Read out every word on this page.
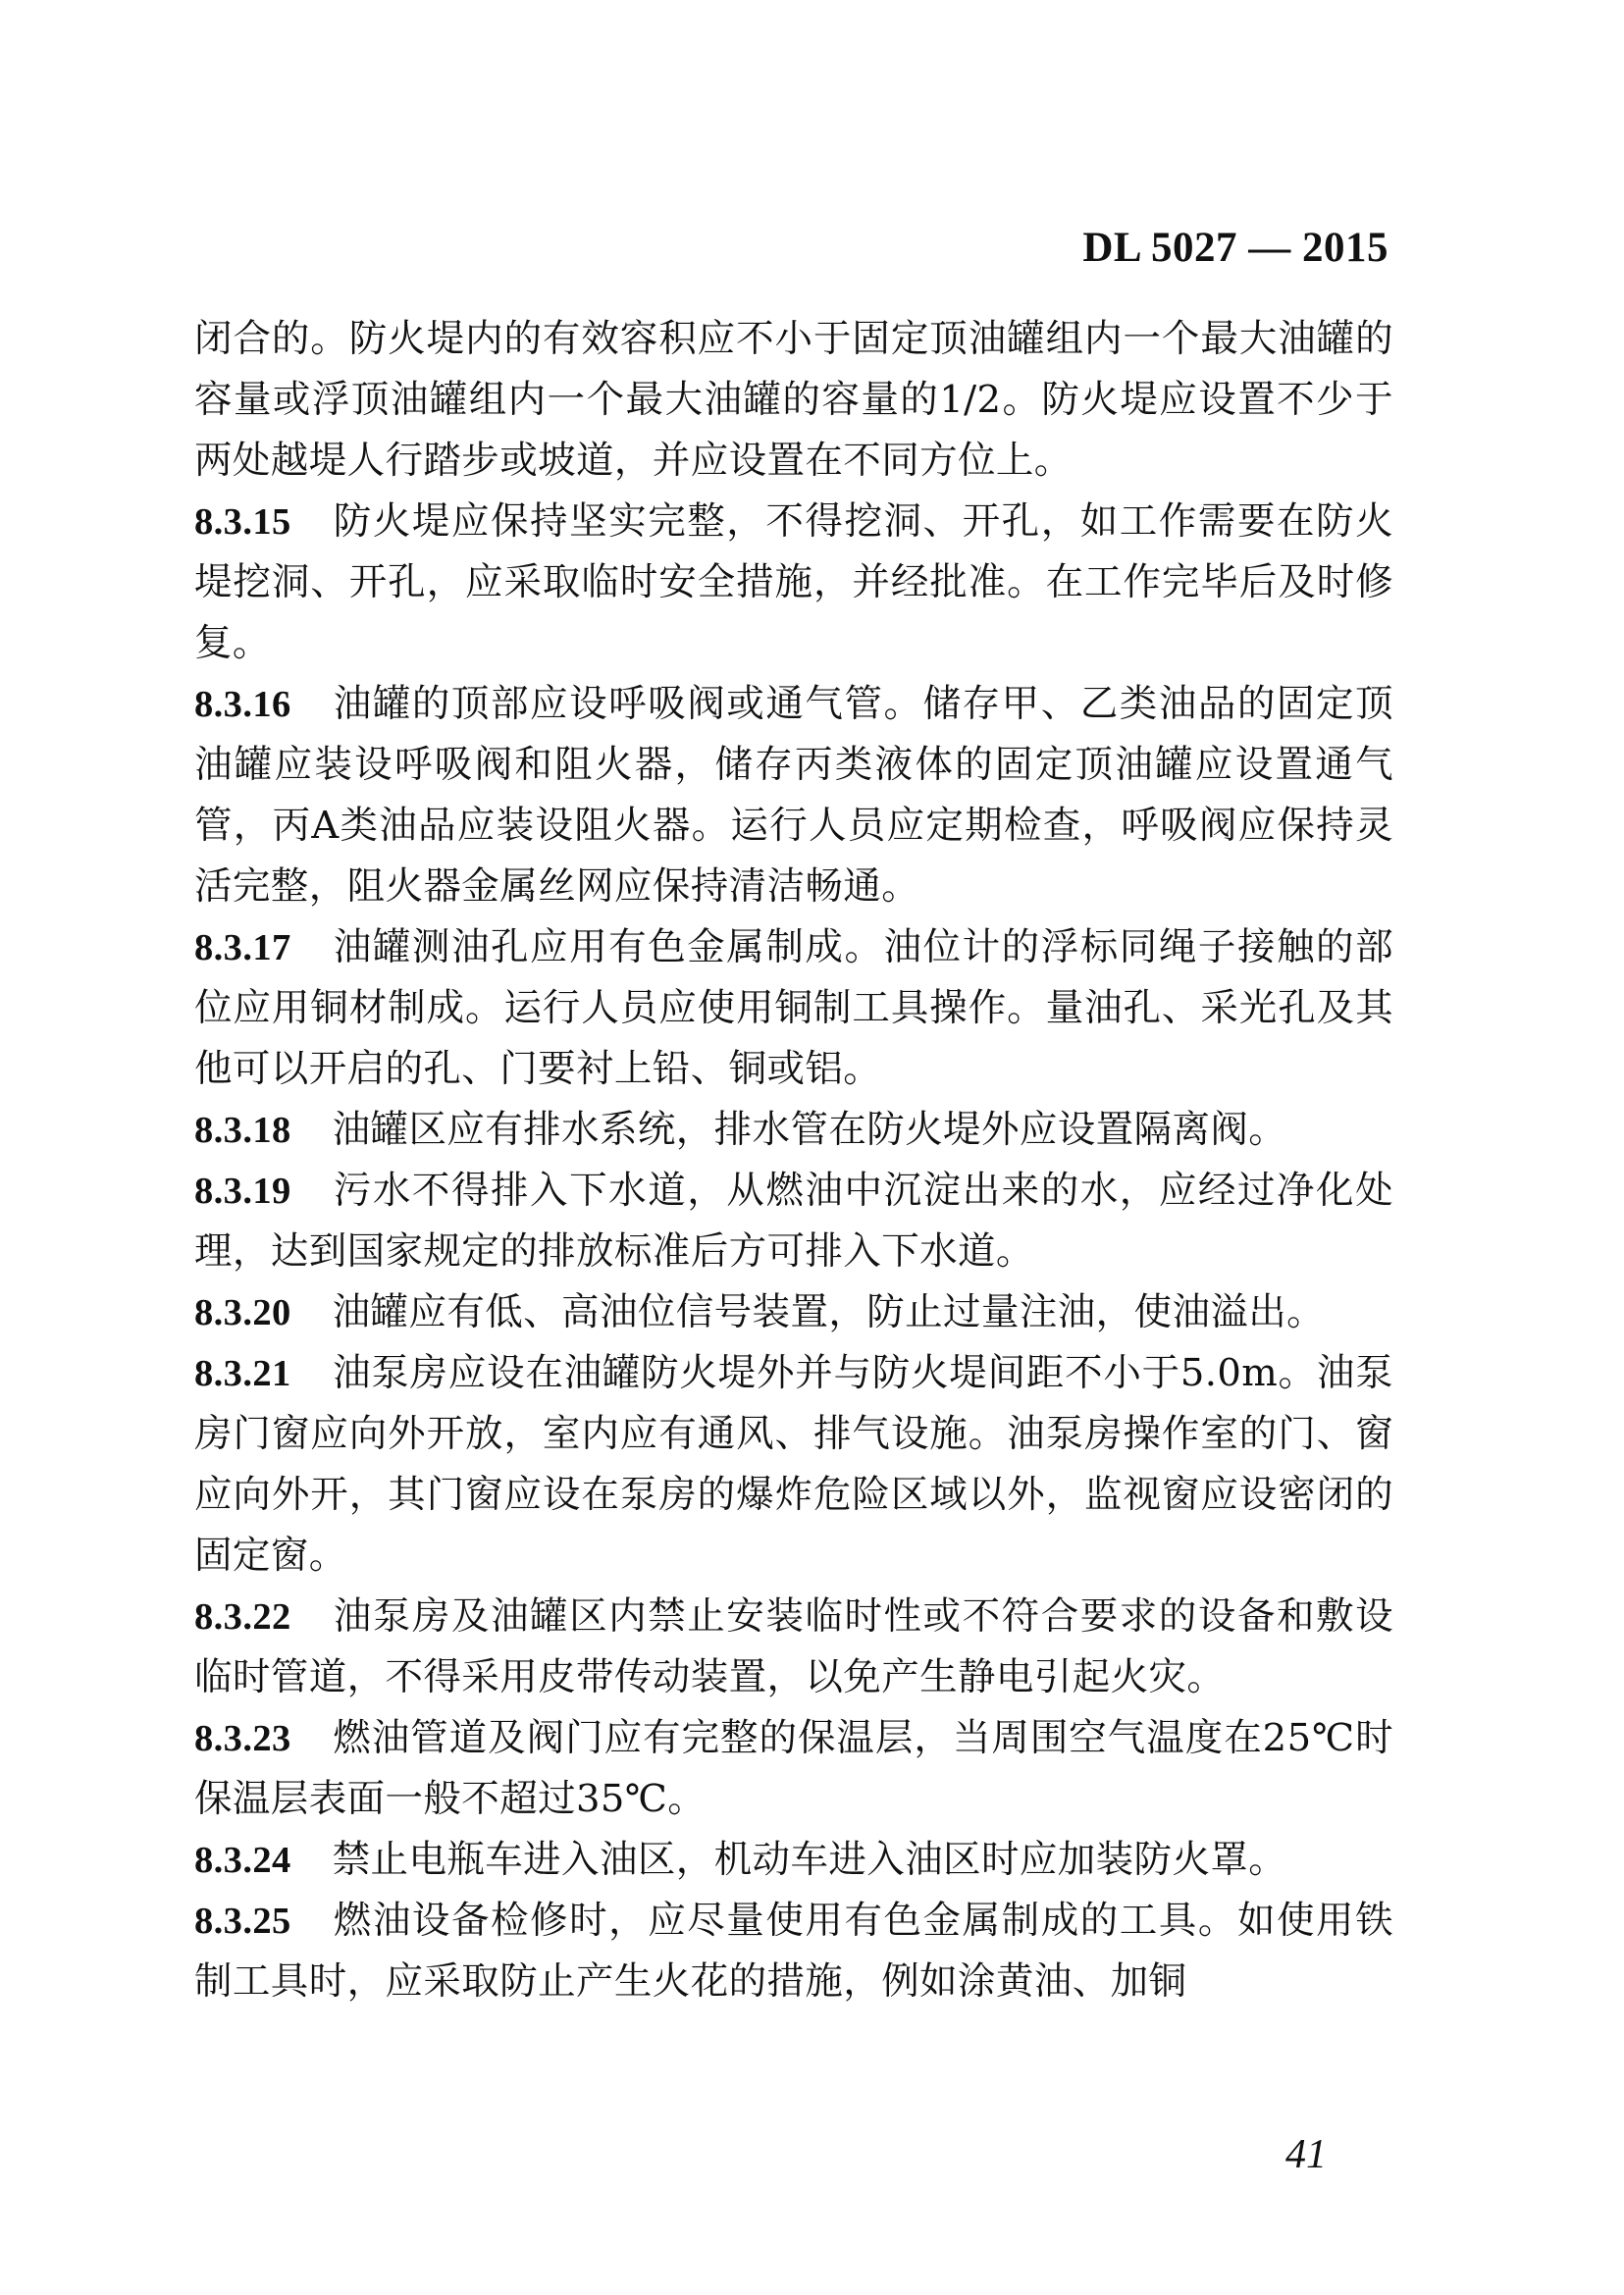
DL 5027 — 2015

闭合的。防火堤内的有效容积应不小于固定顶油罐组内一个最大油罐的容量或浮顶油罐组内一个最大油罐的容量的1/2。防火堤应设置不少于两处越堤人行踏步或坡道，并应设置在不同方位上。

8.3.15 防火堤应保持坚实完整，不得挖洞、开孔，如工作需要在防火堤挖洞、开孔，应采取临时安全措施，并经批准。在工作完毕后及时修复。

8.3.16 油罐的顶部应设呼吸阀或通气管。储存甲、乙类油品的固定顶油罐应装设呼吸阀和阻火器，储存丙类液体的固定顶油罐应设置通气管，丙A类油品应装设阻火器。运行人员应定期检查，呼吸阀应保持灵活完整，阻火器金属丝网应保持清洁畅通。

8.3.17 油罐测油孔应用有色金属制成。油位计的浮标同绳子接触的部位应用铜材制成。运行人员应使用铜制工具操作。量油孔、采光孔及其他可以开启的孔、门要衬上铅、铜或铝。

8.3.18 油罐区应有排水系统，排水管在防火堤外应设置隔离阀。

8.3.19 污水不得排入下水道，从燃油中沉淀出来的水，应经过净化处理，达到国家规定的排放标准后方可排入下水道。

8.3.20 油罐应有低、高油位信号装置，防止过量注油，使油溢出。

8.3.21 油泵房应设在油罐防火堤外并与防火堤间距不小于5.0m。油泵房门窗应向外开放，室内应有通风、排气设施。油泵房操作室的门、窗应向外开，其门窗应设在泵房的爆炸危险区域以外，监视窗应设密闭的固定窗。

8.3.22 油泵房及油罐区内禁止安装临时性或不符合要求的设备和敷设临时管道，不得采用皮带传动装置，以免产生静电引起火灾。

8.3.23 燃油管道及阀门应有完整的保温层，当周围空气温度在25℃时保温层表面一般不超过35℃。

8.3.24 禁止电瓶车进入油区，机动车进入油区时应加装防火罩。

8.3.25 燃油设备检修时，应尽量使用有色金属制成的工具。如使用铁制工具时，应采取防止产生火花的措施，例如涂黄油、加铜

41
